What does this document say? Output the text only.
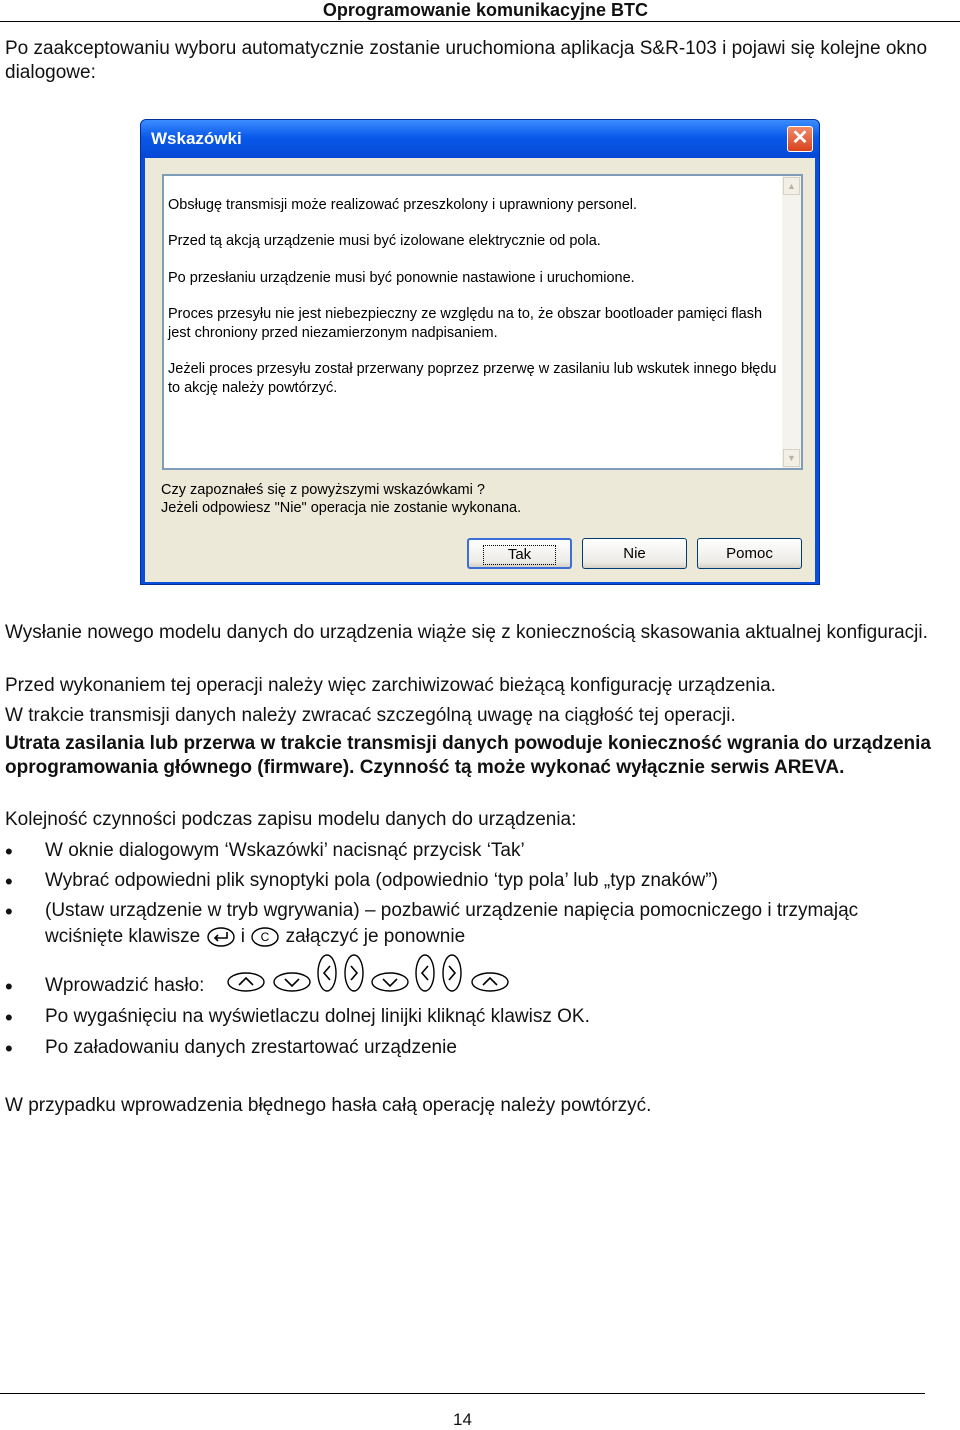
Oprogramowanie komunikacyjne BTC

Po zaakceptowaniu wyboru automatycznie zostanie uruchomiona aplikacja S&R-103 i pojawi się kolejne okno dialogowe:

Wskazówki	✕

Obsługę transmisji może realizować przeszkolony i uprawniony personel.

Przed tą akcją urządzenie musi być izolowane elektrycznie od pola.

Po przesłaniu urządzenie musi być ponownie nastawione i uruchomione.

Proces przesyłu nie jest niebezpieczny ze względu na to, że obszar bootloader pamięci flash jest chroniony przed niezamierzonym nadpisaniem.

Jeżeli proces przesyłu został przerwany poprzez przerwę w zasilaniu lub wskutek innego błędu to akcję należy powtórzyć.

▲
▼

Czy zapoznałeś się z powyższymi wskazówkami ?

Jeżeli odpowiesz "Nie" operacja nie zostanie wykonana.

Tak	Nie	Pomoc

Wysłanie nowego modelu danych do urządzenia wiąże się z koniecznością skasowania aktualnej konfiguracji.

Przed wykonaniem tej operacji należy więc zarchiwizować bieżącą konfigurację urządzenia.

W trakcie transmisji danych należy zwracać szczególną uwagę na ciągłość tej operacji.

Utrata zasilania lub przerwa w trakcie transmisji danych powoduje konieczność wgrania do urządzenia oprogramowania głównego (firmware). Czynność tą może wykonać wyłącznie serwis AREVA.

Kolejność czynności podczas zapisu modelu danych do urządzenia:

• W oknie dialogowym ‘Wskazówki’ nacisnąć przycisk ‘Tak’

• Wybrać odpowiedni plik synoptyki pola (odpowiednio ‘typ pola’ lub „typ znaków”)

• (Ustaw urządzenie w tryb wgrywania) – pozbawić urządzenie napięcia pomocniczego i trzymając
wciśnięte klawisze i C załączyć je ponownie

• Wprowadzić hasło:

• Po wygaśnięciu na wyświetlaczu dolnej linijki kliknąć klawisz OK.

• Po załadowaniu danych zrestartować urządzenie

W przypadku wprowadzenia błędnego hasła całą operację należy powtórzyć.

14
